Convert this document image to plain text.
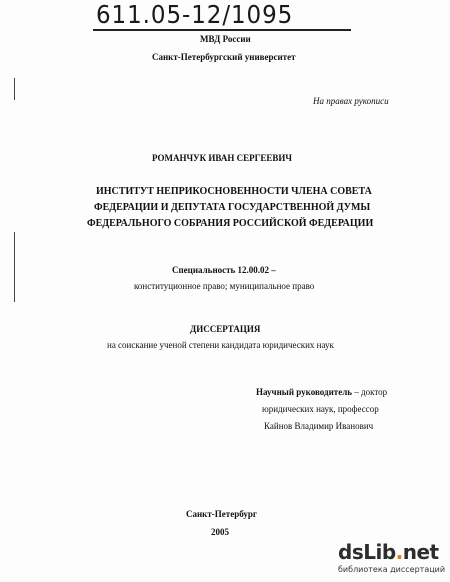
611.05-12/1095
МВД России
Санкт-Петербургский университет
На правах рукописи
РОМАНЧУК ИВАН СЕРГЕЕВИЧ
ИНСТИТУТ НЕПРИКОСНОВЕННОСТИ ЧЛЕНА СОВЕТА
ФЕДЕРАЦИИ И ДЕПУТАТА ГОСУДАРСТВЕННОЙ ДУМЫ
ФЕДЕРАЛЬНОГО СОБРАНИЯ РОССИЙСКОЙ ФЕДЕРАЦИИ
Специальность 12.00.02 –
конституционное право; муниципальное право
ДИССЕРТАЦИЯ
на соискание ученой степени кандидата юридических наук
Научный руководитель – доктор
юридических наук, профессор
Кайнов Владимир Иванович
Санкт-Петербург
2005
dsLib.net
библиотека диссертаций
